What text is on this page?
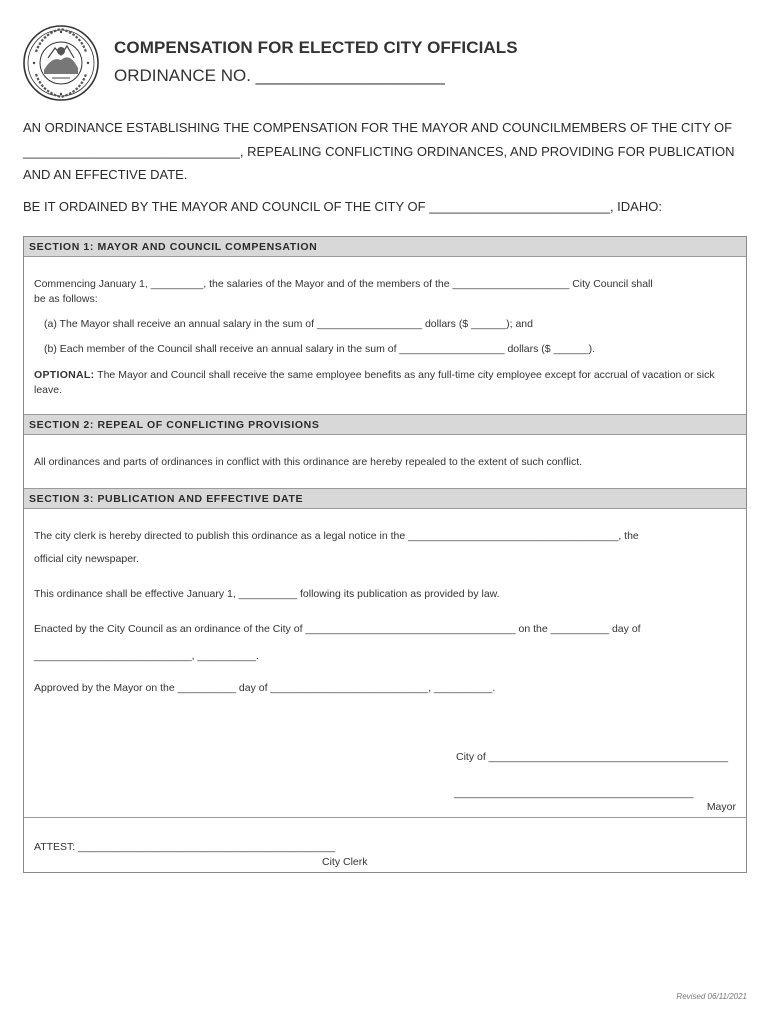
COMPENSATION FOR ELECTED CITY OFFICIALS
ORDINANCE NO. ____________________
AN ORDINANCE ESTABLISHING THE COMPENSATION FOR THE MAYOR AND COUNCILMEMBERS OF THE CITY OF ______________________________, REPEALING CONFLICTING ORDINANCES, AND PROVIDING FOR PUBLICATION AND AN EFFECTIVE DATE.
BE IT ORDAINED BY THE MAYOR AND COUNCIL OF THE CITY OF _________________________, IDAHO:
SECTION 1: MAYOR AND COUNCIL COMPENSATION
Commencing January 1, _________, the salaries of the Mayor and of the members of the ____________________ City Council shall
be as follows:
(a) The Mayor shall receive an annual salary in the sum of __________________ dollars ($ ______); and
(b) Each member of the Council shall receive an annual salary in the sum of __________________ dollars ($ ______).
OPTIONAL: The Mayor and Council shall receive the same employee benefits as any full-time city employee except for accrual of vacation or sick leave.
SECTION 2: REPEAL OF CONFLICTING PROVISIONS
All ordinances and parts of ordinances in conflict with this ordinance are hereby repealed to the extent of such conflict.
SECTION 3: PUBLICATION AND EFFECTIVE DATE
The city clerk is hereby directed to publish this ordinance as a legal notice in the ____________________________________, the
official city newspaper.
This ordinance shall be effective January 1, __________ following its publication as provided by law.
Enacted by the City Council as an ordinance of the City of ____________________________________ on the __________ day of
___________________________, __________.
Approved by the Mayor on the __________ day of ___________________________, __________.
City of _________________________________________
_________________________________________
Mayor
ATTEST: ____________________________________________
City Clerk
Revised 06/11/2021
